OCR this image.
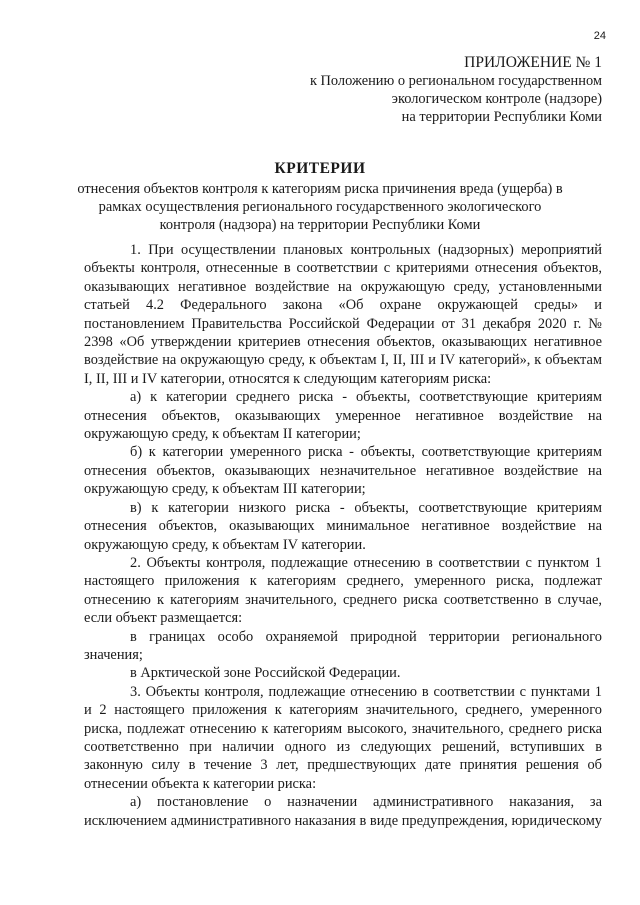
24
ПРИЛОЖЕНИЕ № 1
к Положению о региональном государственном
экологическом контроле (надзоре)
на территории Республики Коми
КРИТЕРИИ
отнесения объектов контроля к категориям риска причинения вреда (ущерба) в рамках осуществления регионального государственного экологического контроля (надзора) на территории Республики Коми

1. При осуществлении плановых контрольных (надзорных) мероприятий объекты контроля, отнесенные в соответствии с критериями отнесения объектов, оказывающих негативное воздействие на окружающую среду, установленными статьей 4.2 Федерального закона «Об охране окружающей среды» и постановлением Правительства Российской Федерации от 31 декабря 2020 г. № 2398 «Об утверждении критериев отнесения объектов, оказывающих негативное воздействие на окружающую среду, к объектам I, II, III и IV категорий», к объектам I, II, III и IV категории, относятся к следующим категориям риска:

а) к категории среднего риска - объекты, соответствующие критериям отнесения объектов, оказывающих умеренное негативное воздействие на окружающую среду, к объектам II категории;

б) к категории умеренного риска - объекты, соответствующие критериям отнесения объектов, оказывающих незначительное негативное воздействие на окружающую среду, к объектам III категории;

в) к категории низкого риска - объекты, соответствующие критериям отнесения объектов, оказывающих минимальное негативное воздействие на окружающую среду, к объектам IV категории.

2. Объекты контроля, подлежащие отнесению в соответствии с пунктом 1 настоящего приложения к категориям среднего, умеренного риска, подлежат отнесению к категориям значительного, среднего риска соответственно в случае, если объект размещается:

в границах особо охраняемой природной территории регионального значения;

в Арктической зоне Российской Федерации.

3. Объекты контроля, подлежащие отнесению в соответствии с пунктами 1 и 2 настоящего приложения к категориям значительного, среднего, умеренного риска, подлежат отнесению к категориям высокого, значительного, среднего риска соответственно при наличии одного из следующих решений, вступивших в законную силу в течение 3 лет, предшествующих дате принятия решения об отнесении объекта к категории риска:

а) постановление о назначении административного наказания, за исключением административного наказания в виде предупреждения, юридическому
